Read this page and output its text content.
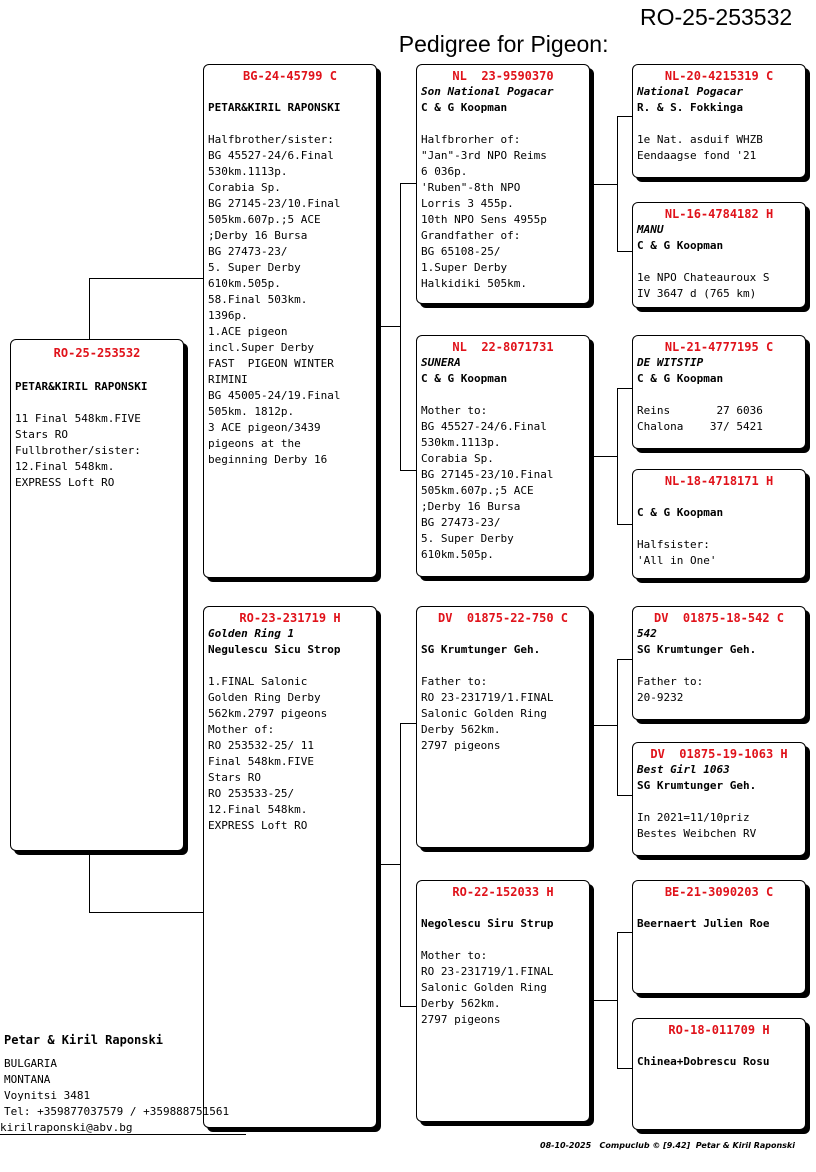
Pedigree for Pigeon:

RO-25-253532

RO-25-253532
PETAR&KIRIL RAPONSKI
11 Final 548km.FIVE
Stars RO
Fullbrother/sister:
12.Final 548km.
EXPRESS Loft RO
BG-24-45799 C
PETAR&KIRIL RAPONSKI
Halfbrother/sister:
BG 45527-24/6.Final
530km.1113p.
Corabia Sp.
BG 27145-23/10.Final
505km.607p.;5 ACE
;Derby 16 Bursa
BG 27473-23/
5. Super Derby
610km.505p.
58.Final 503km.
1396p.
1.ACE pigeon
incl.Super Derby
FAST  PIGEON WINTER
RIMINI
BG 45005-24/19.Final
505km. 1812p.
3 ACE pigeon/3439
pigeons at the
beginning Derby 16
RO-23-231719 H
Golden Ring 1
Negulescu Sicu Strop
1.FINAL Salonic
Golden Ring Derby
562km.2797 pigeons
Mother of:
RO 253532-25/ 11
Final 548km.FIVE
Stars RO
RO 253533-25/
12.Final 548km.
EXPRESS Loft RO
NL  23-9590370
Son National Pogacar
C & G Koopman
Halfbrorher of:
"Jan"-3rd NPO Reims
6 036p.
'Ruben"-8th NPO
Lorris 3 455p.
10th NPO Sens 4955p
Grandfather of:
BG 65108-25/
1.Super Derby
Halkidiki 505km.
NL  22-8071731
SUNERA
C & G Koopman
Mother to:
BG 45527-24/6.Final
530km.1113p.
Corabia Sp.
BG 27145-23/10.Final
505km.607p.;5 ACE
;Derby 16 Bursa
BG 27473-23/
5. Super Derby
610km.505p.
DV  01875-22-750 C
SG Krumtunger Geh.
Father to:
RO 23-231719/1.FINAL
Salonic Golden Ring
Derby 562km.
2797 pigeons
RO-22-152033 H
Negolescu Siru Strup
Mother to:
RO 23-231719/1.FINAL
Salonic Golden Ring
Derby 562km.
2797 pigeons
NL-20-4215319 C
National Pogacar
R. & S. Fokkinga
1e Nat. asduif WHZB
Eendaagse fond '21
NL-16-4784182 H
MANU
C & G Koopman
1e NPO Chateauroux S
IV 3647 d (765 km)
NL-21-4777195 C
DE WITSTIP
C & G Koopman
Reins       27 6036
Chalona    37/ 5421
NL-18-4718171 H
C & G Koopman
Halfsister:
'All in One'
DV  01875-18-542 C
542
SG Krumtunger Geh.
Father to:
20-9232
DV  01875-19-1063 H
Best Girl 1063
SG Krumtunger Geh.
In 2021=11/10priz
Bestes Weibchen RV
BE-21-3090203 C
Beernaert Julien Roe
RO-18-011709 H
Chinea+Dobrescu Rosu
Petar & Kiril Raponski
BULGARIA
MONTANA
Voynitsi 3481
Tel: +359877037579 / +359888751561
kirilraponski@abv.bg
08-10-2025   Compuclub © [9.42]  Petar & Kiril Raponski
